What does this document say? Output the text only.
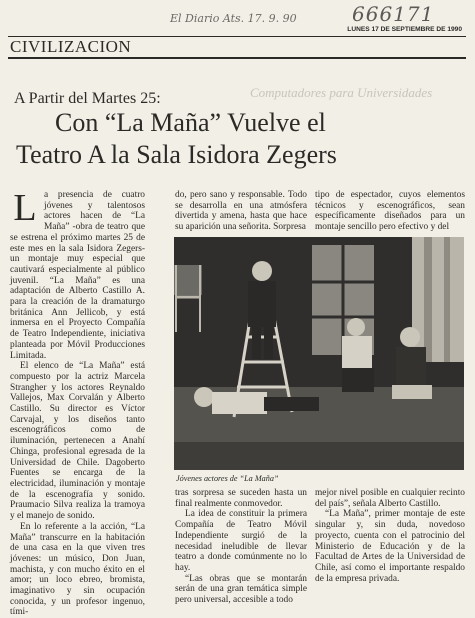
El Diario Ats. 17. 9. 90	666171
LUNES 17 DE SEPTIEMBRE DE 1990
CIVILIZACION
Computadores para Universidades
A Partir del Martes 25:
Con “La Maña” Vuelve el
Teatro A la Sala Isidora Zegers

L a presencia de cuatro jóvenes y talentosos actores hacen de “La Maña” -obra de teatro que se estrena el próximo martes 25 de este mes en la sala Isidora Zegers-un montaje muy especial que cautivará especialmente al público juvenil. “La Maña” es una adaptación de Alberto Castillo A. para la creación de la dramaturgo británica Ann Jellicob, y está inmersa en el Proyecto Compañía de Teatro Independiente, iniciativa planteada por Móvil Producciones Limitada.

El elenco de “La Maña” está compuesto por la actriz Marcela Strangher y los actores Reynaldo Vallejos, Max Corvalán y Alberto Castillo. Su director es Víctor Carvajal, y los diseños tanto escenográficos como de iluminación, pertenecen a Anahí Chinga, profesional egresada de la Universidad de Chile. Dagoberto Fuentes se encarga de la electricidad, iluminación y montaje de la escenografía y sonido. Praumacio Silva realiza la tramoya y el manejo de sonido.

En lo referente a la acción, “La Maña” transcurre en la habitación de una casa en la que viven tres jóvenes: un músico, Don Juan, machista, y con mucho éxito en el amor; un loco ebreo, bromista, imaginativo y sin ocupación conocida, y un profesor ingenuo, tími-

do, pero sano y responsable. Todo se desarrolla en una atmósfera divertida y amena, hasta que hace su aparición una señorita. Sorpresa
tipo de espectador, cuyos elementos técnicos y escenográficos, sean específicamente diseñados para un montaje sencillo pero efectivo y del
Jóvenes actores de “La Maña”

tras sorpresa se suceden hasta un final realmente conmovedor.

La idea de constituir la primera Compañía de Teatro Móvil Independiente surgió de la necesidad ineludible de llevar teatro a donde comúnmente no lo hay.

“Las obras que se montarán serán de una gran temática simple pero universal, accesible a todo

mejor nivel posible en cualquier recinto del país”, señala Alberto Castillo.

“La Maña”, primer montaje de este singular y, sin duda, novedoso proyecto, cuenta con el patrocinio del Ministerio de Educación y de la Facultad de Artes de la Universidad de Chile, así como el importante respaldo de la empresa privada.
